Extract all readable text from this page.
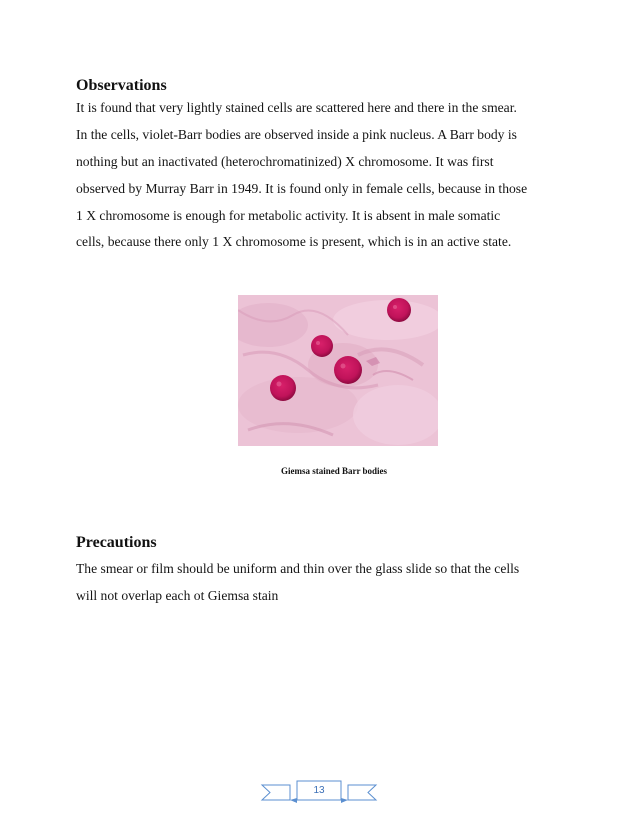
Observations
It is found that very lightly stained cells are scattered here and there in the smear.
In the cells, violet-Barr bodies are observed inside a pink nucleus. A Barr body is
nothing but an inactivated (heterochromatinized) X chromosome. It was first
observed by Murray Barr in 1949. It is found only in female cells, because in those
1 X chromosome is enough for metabolic activity. It is absent in male somatic
cells, because there only 1 X chromosome is present, which is in an active state.
Giemsa stained Barr bodies
Precautions
The smear or film should be uniform and thin over the glass slide so that the cells
will not overlap each ot Giemsa stain
13
